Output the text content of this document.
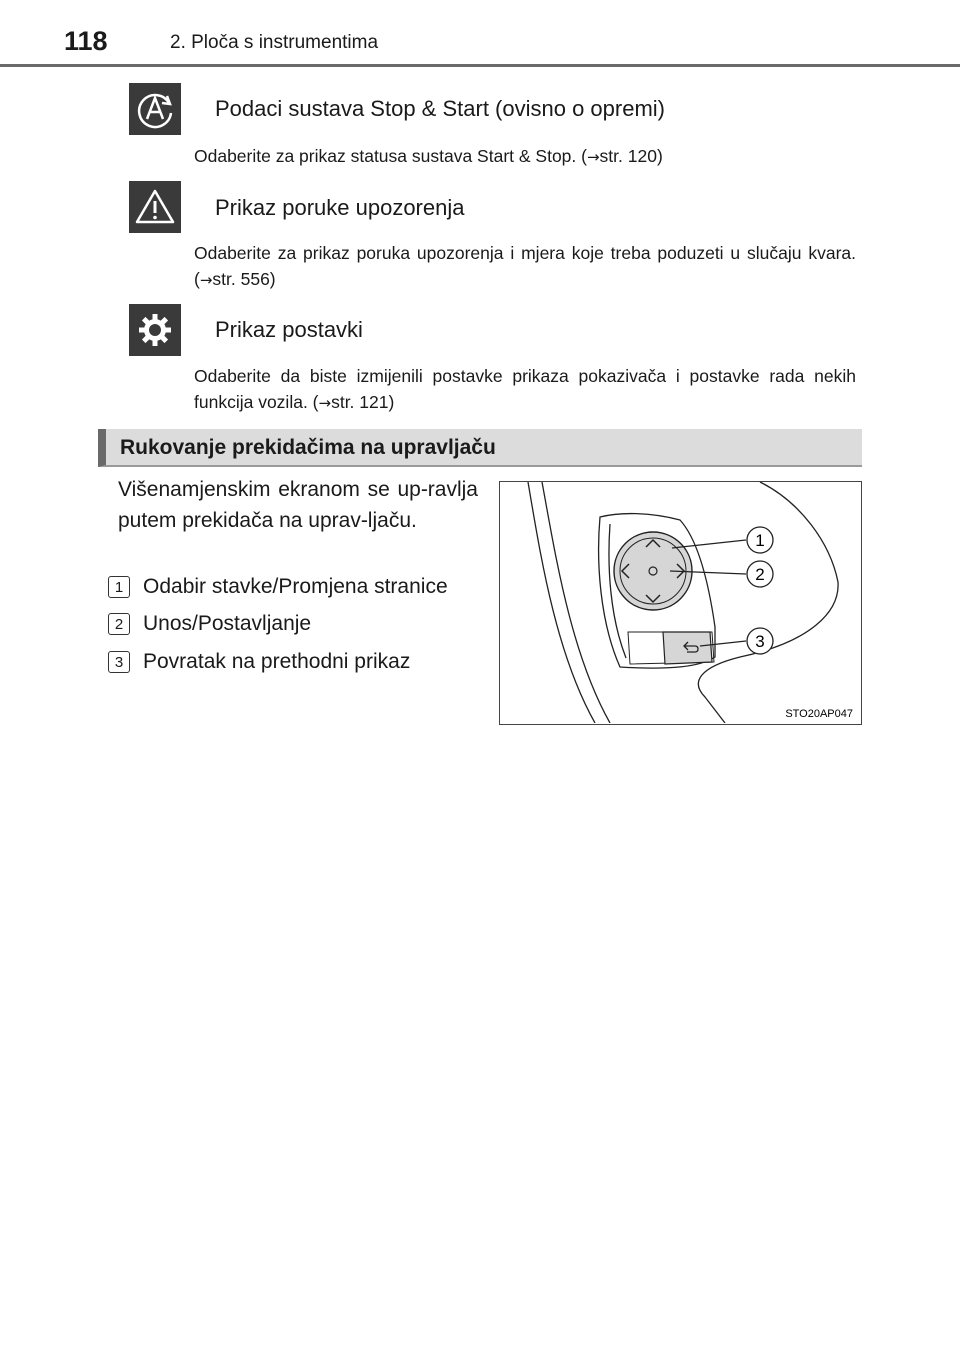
118	2. Ploča s instrumentima
Podaci sustava Stop & Start (ovisno o opremi)
Odaberite za prikaz statusa sustava Start & Stop. (→str. 120)
Prikaz poruke upozorenja
Odaberite za prikaz poruka upozorenja i mjera koje treba poduzeti u slučaju kvara. (→str. 556)
Prikaz postavki
Odaberite da biste izmijenili postavke prikaza pokazivača i postavke rada nekih funkcija vozila. (→str. 121)
Rukovanje prekidačima na upravljaču
Višenamjenskim ekranom se up-ravlja putem prekidača na uprav-ljaču.
1 Odabir stavke/Promjena stranice
2 Unos/Postavljanje
3 Povratak na prethodni prikaz
1
2
3
STO20AP047
